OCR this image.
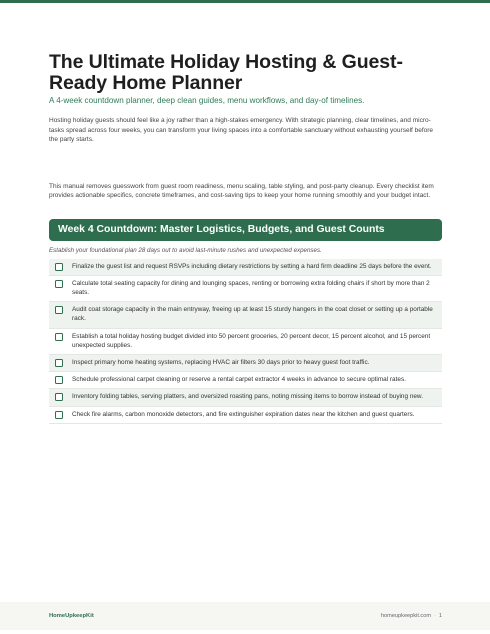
The Ultimate Holiday Hosting & Guest-Ready Home Planner

A 4-week countdown planner, deep clean guides, menu workflows, and day-of timelines.

Hosting holiday guests should feel like a joy rather than a high-stakes emergency. With strategic planning, clear timelines, and micro-tasks spread across four weeks, you can transform your living spaces into a comfortable sanctuary without exhausting yourself before the party starts.

This manual removes guesswork from guest room readiness, menu scaling, table styling, and post-party cleanup. Every checklist item provides actionable specifics, concrete timeframes, and cost-saving tips to keep your home running smoothly and your budget intact.

Week 4 Countdown: Master Logistics, Budgets, and Guest Counts

Establish your foundational plan 28 days out to avoid last-minute rushes and unexpected expenses.

Finalize the guest list and request RSVPs including dietary restrictions by setting a hard firm deadline 25 days before the event.
Calculate total seating capacity for dining and lounging spaces, renting or borrowing extra folding chairs if short by more than 2 seats.
Audit coat storage capacity in the main entryway, freeing up at least 15 sturdy hangers in the coat closet or setting up a portable rack.
Establish a total holiday hosting budget divided into 50 percent groceries, 20 percent decor, 15 percent alcohol, and 15 percent unexpected supplies.
Inspect primary home heating systems, replacing HVAC air filters 30 days prior to heavy guest foot traffic.
Schedule professional carpet cleaning or reserve a rental carpet extractor 4 weeks in advance to secure optimal rates.
Inventory folding tables, serving platters, and oversized roasting pans, noting missing items to borrow instead of buying new.
Check fire alarms, carbon monoxide detectors, and fire extinguisher expiration dates near the kitchen and guest quarters.
HomeUpkeepKit	homeupkeepkit.com · 1
